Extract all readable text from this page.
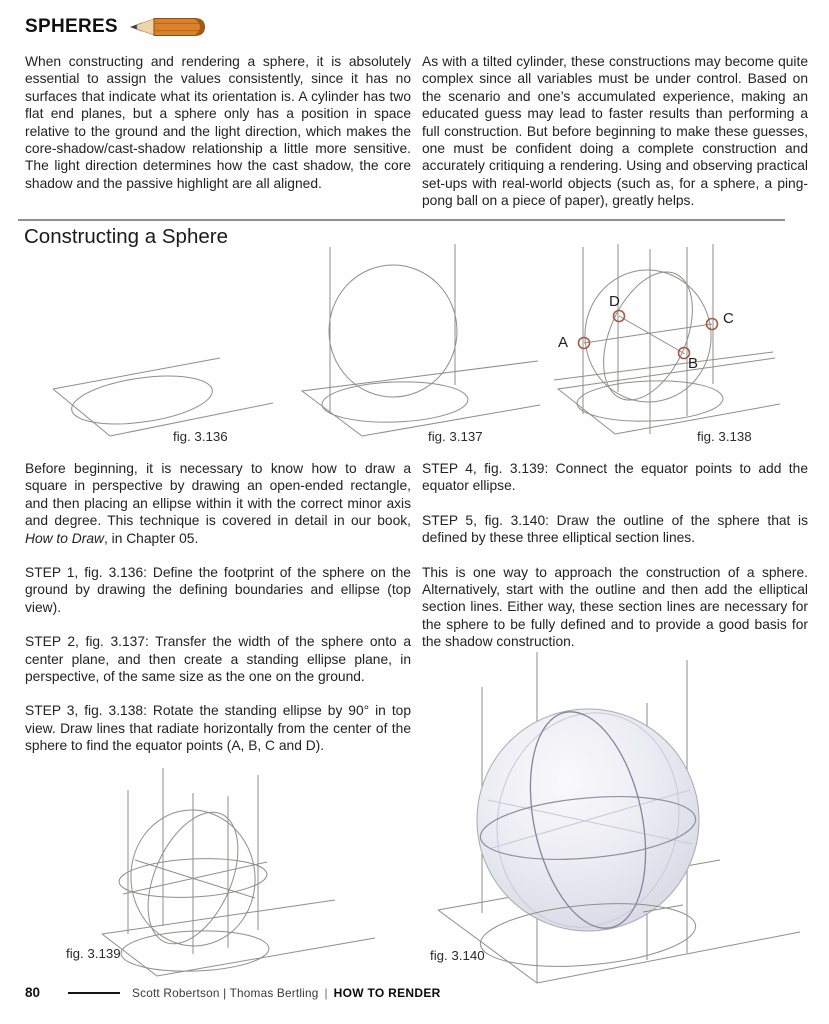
SPHERES

When constructing and rendering a sphere, it is absolutely essential to assign the values consistently, since it has no surfaces that indicate what its orientation is. A cylinder has two flat end planes, but a sphere only has a position in space relative to the ground and the light direction, which makes the core-shadow/cast-shadow relationship a little more sensitive. The light direction determines how the cast shadow, the core shadow and the passive highlight are all aligned.

As with a tilted cylinder, these constructions may become quite complex since all variables must be under control. Based on the scenario and one’s accumulated experience, making an educated guess may lead to faster results than performing a full construction. But before beginning to make these guesses, one must be confident doing a complete construction and accurately critiquing a rendering. Using and observing practical set-ups with real-world objects (such as, for a sphere, a ping-pong ball on a piece of paper), greatly helps.

Constructing a Sphere
fig. 3.136	fig. 3.137
A
D
B
C
fig. 3.138

Before beginning, it is necessary to know how to draw a square in perspective by drawing an open-ended rectangle, and then placing an ellipse within it with the correct minor axis and degree. This technique is covered in detail in our book, How to Draw, in Chapter 05.

STEP 1, fig. 3.136: Define the footprint of the sphere on the ground by drawing the defining boundaries and ellipse (top view).

STEP 2, fig. 3.137: Transfer the width of the sphere onto a center plane, and then create a standing ellipse plane, in perspective, of the same size as the one on the ground.

STEP 3, fig. 3.138: Rotate the standing ellipse by 90° in top view. Draw lines that radiate horizontally from the center of the sphere to find the equator points (A, B, C and D).

STEP 4, fig. 3.139: Connect the equator points to add the equator ellipse.

STEP 5, fig. 3.140: Draw the outline of the sphere that is defined by these three elliptical section lines.

This is one way to approach the construction of a sphere. Alternatively, start with the outline and then add the elliptical section lines. Either way, these section lines are necessary for the sphere to be fully defined and to provide a good basis for the shadow construction.

fig. 3.139	fig. 3.140
80	Scott Robertson | Thomas Bertling | HOW TO RENDER
